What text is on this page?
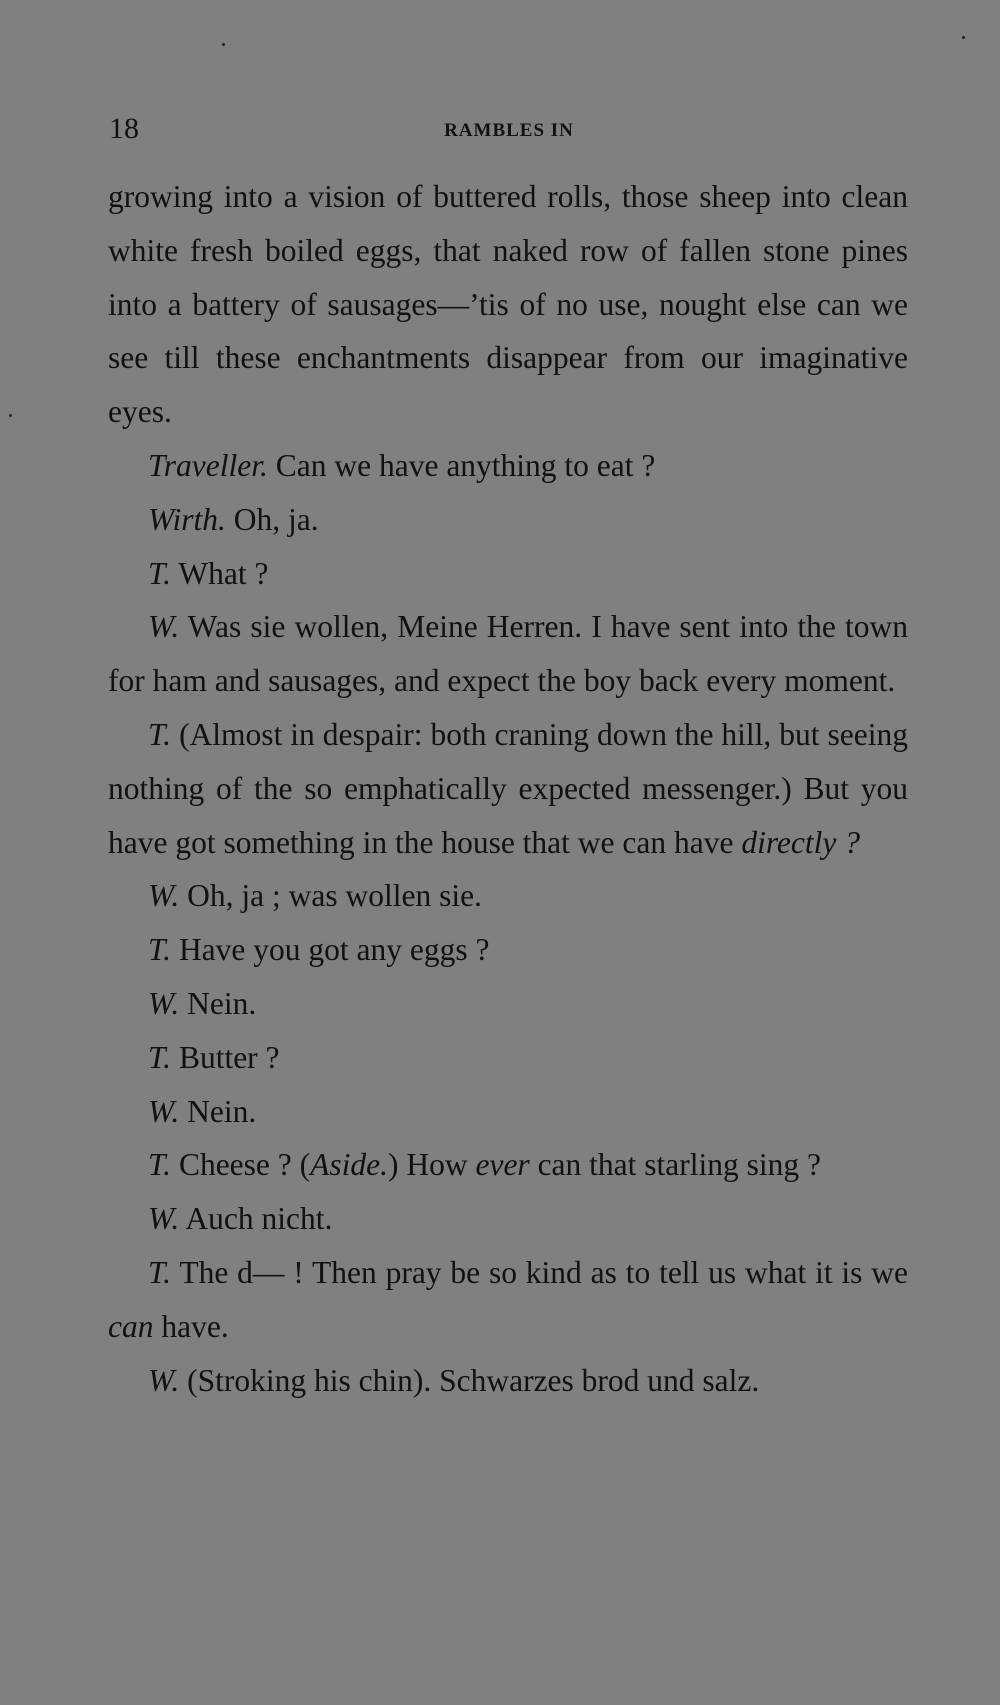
18	RAMBLES IN

growing into a vision of buttered rolls, those sheep into clean white fresh boiled eggs, that naked row of fallen stone pines into a battery of sausages—’tis of no use, nought else can we see till these enchantments disappear from our imaginative eyes.

Traveller. Can we have anything to eat ?

Wirth. Oh, ja.

T. What ?

W. Was sie wollen, Meine Herren. I have sent into the town for ham and sausages, and expect the boy back every moment.

T. (Almost in despair: both craning down the hill, but seeing nothing of the so emphatically expected messenger.) But you have got something in the house that we can have directly ?

W. Oh, ja ; was wollen sie.

T. Have you got any eggs ?

W. Nein.

T. Butter ?

W. Nein.

T. Cheese ? (Aside.) How ever can that starling sing ?

W. Auch nicht.

T. The d— ! Then pray be so kind as to tell us what it is we can have.

W. (Stroking his chin). Schwarzes brod und salz.
